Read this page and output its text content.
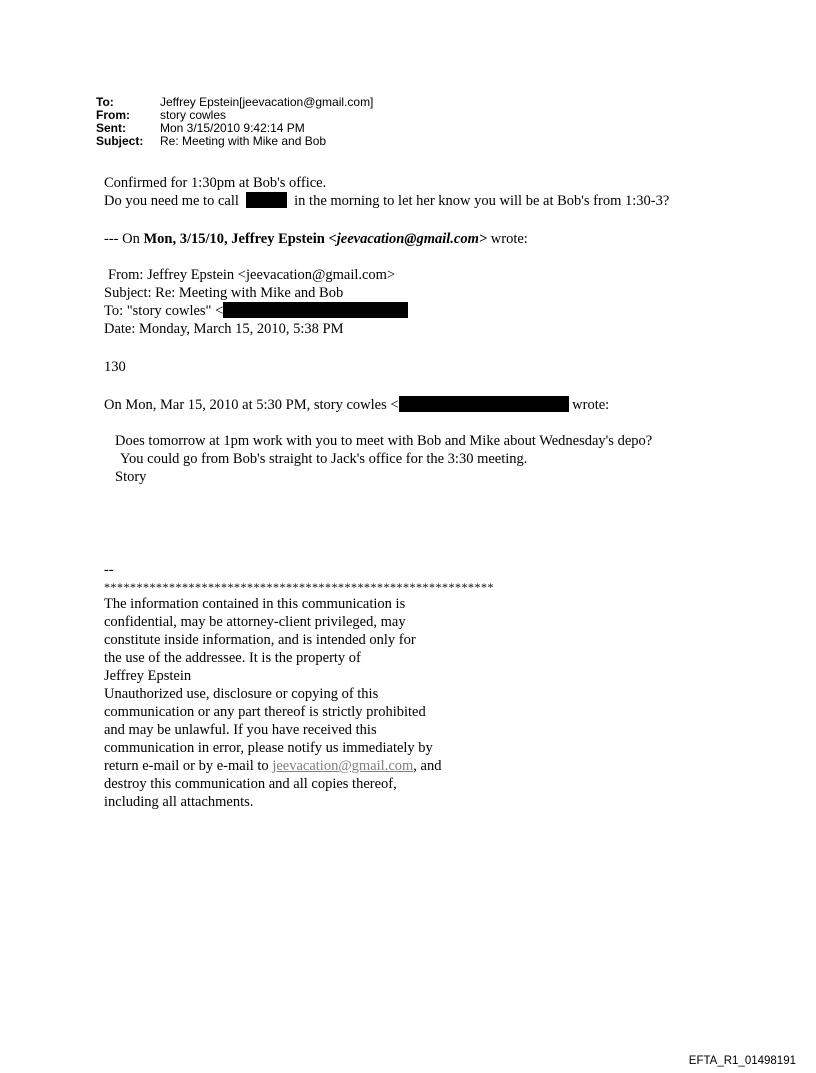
To:	Jeffrey Epstein[jeevacation@gmail.com]
From:	story cowles
Sent:	Mon 3/15/2010 9:42:14 PM
Subject:	Re: Meeting with Mike and Bob
Confirmed for 1:30pm at Bob's office.
Do you need me to call	in the morning to let her know you will be at Bob's from 1:30-3?
--- On Mon, 3/15/10, Jeffrey Epstein <jeevacation@gmail.com> wrote:
From: Jeffrey Epstein <jeevacation@gmail.com>
Subject: Re: Meeting with Mike and Bob
To: "story cowles" <
Date: Monday, March 15, 2010, 5:38 PM
130
On Mon, Mar 15, 2010 at 5:30 PM, story cowles <	wrote:
Does tomorrow at 1pm work with you to meet with Bob and Mike about Wednesday's depo?
You could go from Bob's straight to Jack's office for the 3:30 meeting.
Story
--
************************************************************
The information contained in this communication is
confidential, may be attorney-client privileged, may
constitute inside information, and is intended only for
the use of the addressee. It is the property of
Jeffrey Epstein
Unauthorized use, disclosure or copying of this
communication or any part thereof is strictly prohibited
and may be unlawful. If you have received this
communication in error, please notify us immediately by
return e-mail or by e-mail to jeevacation@gmail.com, and
destroy this communication and all copies thereof,
including all attachments.
EFTA_R1_01498191
